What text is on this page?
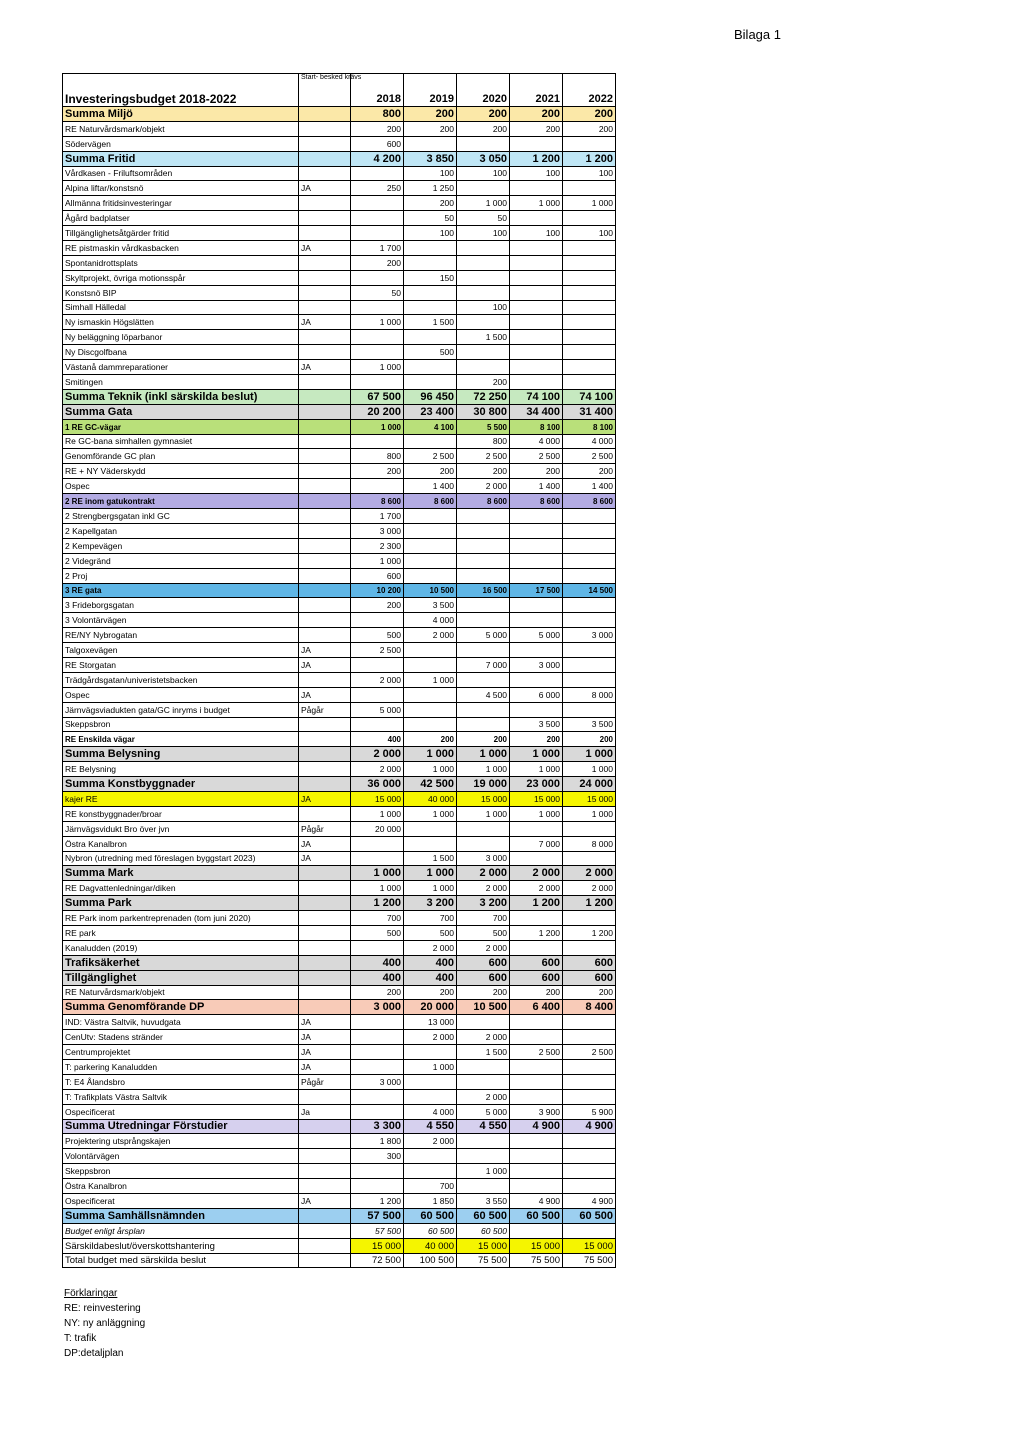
Bilaga 1
Investeringsbudget 2018-2022	Start- besked krävs	2018	2019	2020	2021	2022
Summa Miljö		800	200	200	200	200
RE Naturvårdsmark/objekt		200	200	200	200	200
Södervägen		600				
Summa Fritid		4 200	3 850	3 050	1 200	1 200
Vårdkasen - Friluftsområden			100	100	100	100
Alpina liftar/konstsnö	JA	250	1 250			
Allmänna fritidsinvesteringar			200	1 000	1 000	1 000
Ågård badplatser			50	50		
Tillgänglighetsåtgärder fritid			100	100	100	100
RE pistmaskin vårdkasbacken	JA	1 700				
Spontanidrottsplats		200				
Skyltprojekt, övriga motionsspår			150			
Konstsnö BIP		50				
Simhall Hälledal				100		
Ny ismaskin Högslätten	JA	1 000	1 500			
Ny beläggning löparbanor				1 500		
Ny Discgolfbana			500			
Västanå dammreparationer	JA	1 000				
Smitingen				200		
Summa Teknik (inkl särskilda beslut)		67 500	96 450	72 250	74 100	74 100
Summa Gata		20 200	23 400	30 800	34 400	31 400
1 RE GC-vägar		1 000	4 100	5 500	8 100	8 100
Re GC-bana simhallen gymnasiet				800	4 000	4 000
Genomförande GC plan		800	2 500	2 500	2 500	2 500
RE + NY Väderskydd		200	200	200	200	200
Ospec			1 400	2 000	1 400	1 400
2 RE inom gatukontrakt		8 600	8 600	8 600	8 600	8 600
2 Strengbergsgatan inkl GC		1 700				
2 Kapellgatan		3 000				
2 Kempevägen		2 300				
2 Videgränd		1 000				
2 Proj		600				
3 RE gata		10 200	10 500	16 500	17 500	14 500
3 Frideborgsgatan		200	3 500			
3 Volontärvägen			4 000			
RE/NY Nybrogatan		500	2 000	5 000	5 000	3 000
Talgoxevägen	JA	2 500				
RE Storgatan	JA			7 000	3 000	
Trädgårdsgatan/univeristetsbacken		2 000	1 000			
Ospec	JA			4 500	6 000	8 000
Järnvägsviadukten gata/GC inryms i budget	Pågår	5 000				
Skeppsbron					3 500	3 500
RE Enskilda vägar		400	200	200	200	200
Summa Belysning		2 000	1 000	1 000	1 000	1 000
RE Belysning		2 000	1 000	1 000	1 000	1 000
Summa Konstbyggnader		36 000	42 500	19 000	23 000	24 000
kajer RE	JA	15 000	40 000	15 000	15 000	15 000
RE konstbyggnader/broar		1 000	1 000	1 000	1 000	1 000
Järnvägsvidukt Bro över jvn	Pågår	20 000				
Östra Kanalbron	JA				7 000	8 000
Nybron (utredning med föreslagen byggstart 2023)	JA		1 500	3 000		
Summa Mark		1 000	1 000	2 000	2 000	2 000
RE Dagvattenledningar/diken		1 000	1 000	2 000	2 000	2 000
Summa Park		1 200	3 200	3 200	1 200	1 200
RE Park inom parkentreprenaden (tom juni 2020)		700	700	700		
RE park		500	500	500	1 200	1 200
Kanaludden (2019)			2 000	2 000		
Trafiksäkerhet		400	400	600	600	600
Tillgänglighet		400	400	600	600	600
RE Naturvårdsmark/objekt		200	200	200	200	200
Summa Genomförande DP		3 000	20 000	10 500	6 400	8 400
IND: Västra Saltvik, huvudgata	JA		13 000			
CenUtv: Stadens stränder	JA		2 000	2 000		
Centrumprojektet	JA			1 500	2 500	2 500
T: parkering Kanaludden	JA		1 000			
T: E4 Ålandsbro	Pågår	3 000				
T: Trafikplats Västra Saltvik				2 000		
Ospecificerat	Ja		4 000	5 000	3 900	5 900
Summa Utredningar Förstudier		3 300	4 550	4 550	4 900	4 900
Projektering utsprångskajen		1 800	2 000			
Volontärvägen		300				
Skeppsbron				1 000		
Östra Kanalbron			700			
Ospecificerat	JA	1 200	1 850	3 550	4 900	4 900
Summa Samhällsnämnden		57 500	60 500	60 500	60 500	60 500
Budget enligt årsplan		57 500	60 500	60 500		
Särskildabeslut/överskottshantering		15 000	40 000	15 000	15 000	15 000
Total budget med särskilda beslut		72 500	100 500	75 500	75 500	75 500
Förklaringar
RE: reinvestering
NY: ny anläggning
T: trafik
DP:detaljplan
